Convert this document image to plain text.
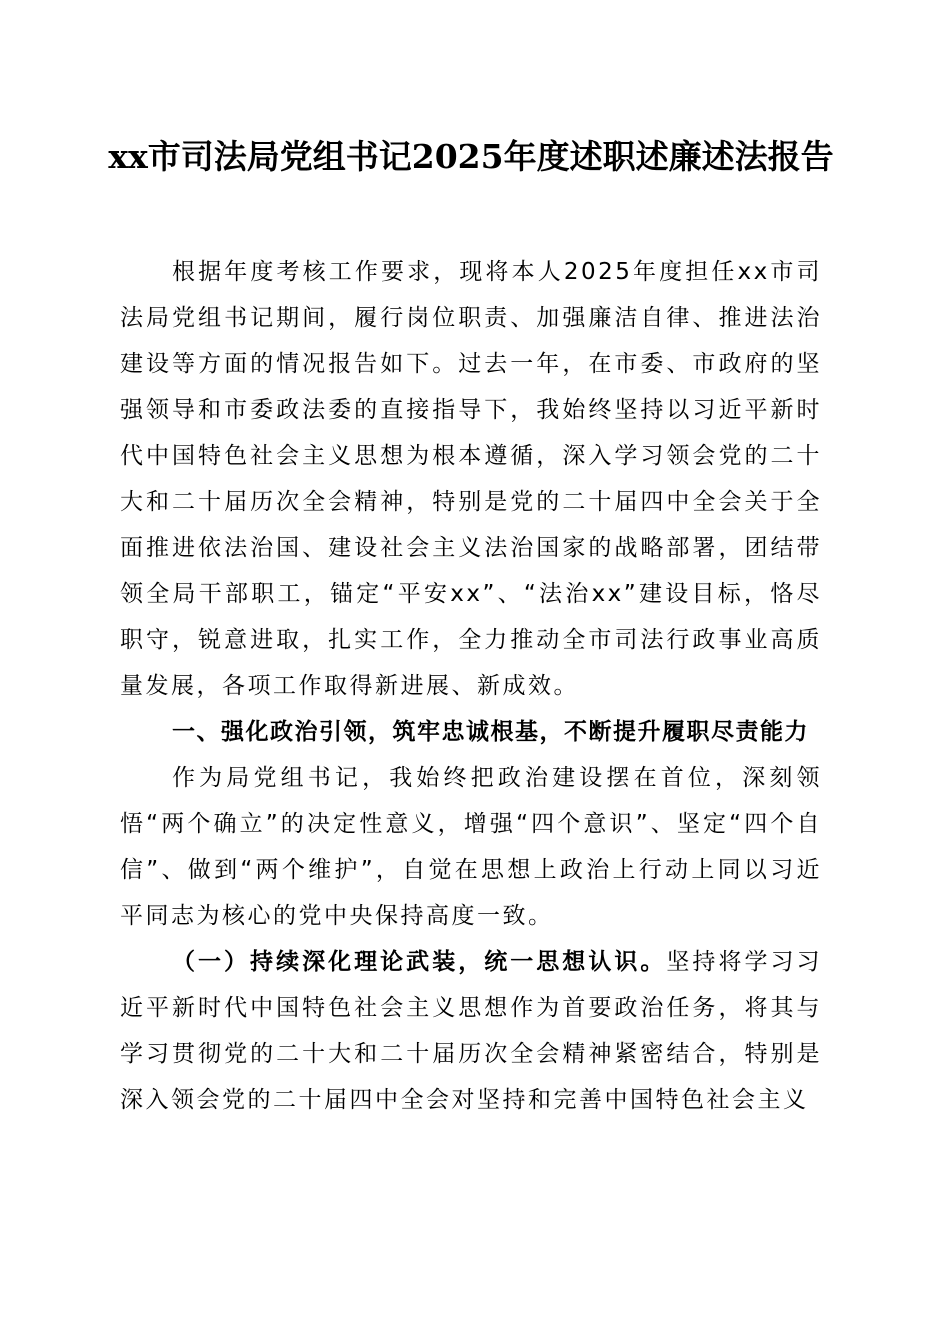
xx市司法局党组书记2025年度述职述廉述法报告

根据年度考核工作要求，现将本人2025年度担任xx市司法局党组书记期间，履行岗位职责、加强廉洁自律、推进法治建设等方面的情况报告如下。过去一年，在市委、市政府的坚强领导和市委政法委的直接指导下，我始终坚持以习近平新时代中国特色社会主义思想为根本遵循，深入学习领会党的二十大和二十届历次全会精神，特别是党的二十届四中全会关于全面推进依法治国、建设社会主义法治国家的战略部署，团结带领全局干部职工，锚定“平安xx”、“法治xx”建设目标，恪尽职守，锐意进取，扎实工作，全力推动全市司法行政事业高质量发展，各项工作取得新进展、新成效。

一、强化政治引领，筑牢忠诚根基，不断提升履职尽责能力

作为局党组书记，我始终把政治建设摆在首位，深刻领悟“两个确立”的决定性意义，增强“四个意识”、坚定“四个自信”、做到“两个维护”，自觉在思想上政治上行动上同以习近平同志为核心的党中央保持高度一致。

（一）持续深化理论武装，统一思想认识。坚持将学习习近平新时代中国特色社会主义思想作为首要政治任务，将其与学习贯彻党的二十大和二十届历次全会精神紧密结合，特别是深入领会党的二十届四中全会对坚持和完善中国特色社会主义
